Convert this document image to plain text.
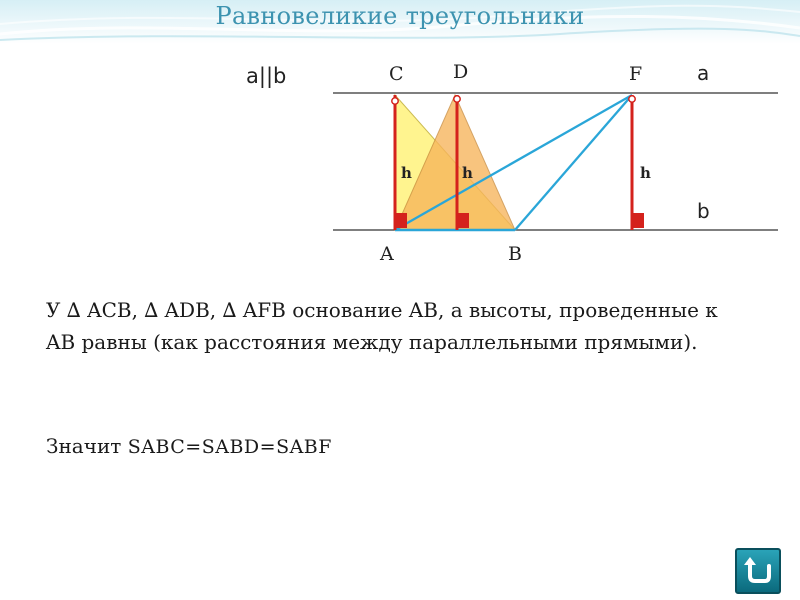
Равновеликие треугольники
a||b
h	h	h
C	D	F
A	B
a
b
У ∆ ACB, ∆ ADB, ∆ AFB основание AB, а высоты, проведенные к AB равны (как расстояния между параллельными прямыми).
Значит SABC=SABD=SABF
